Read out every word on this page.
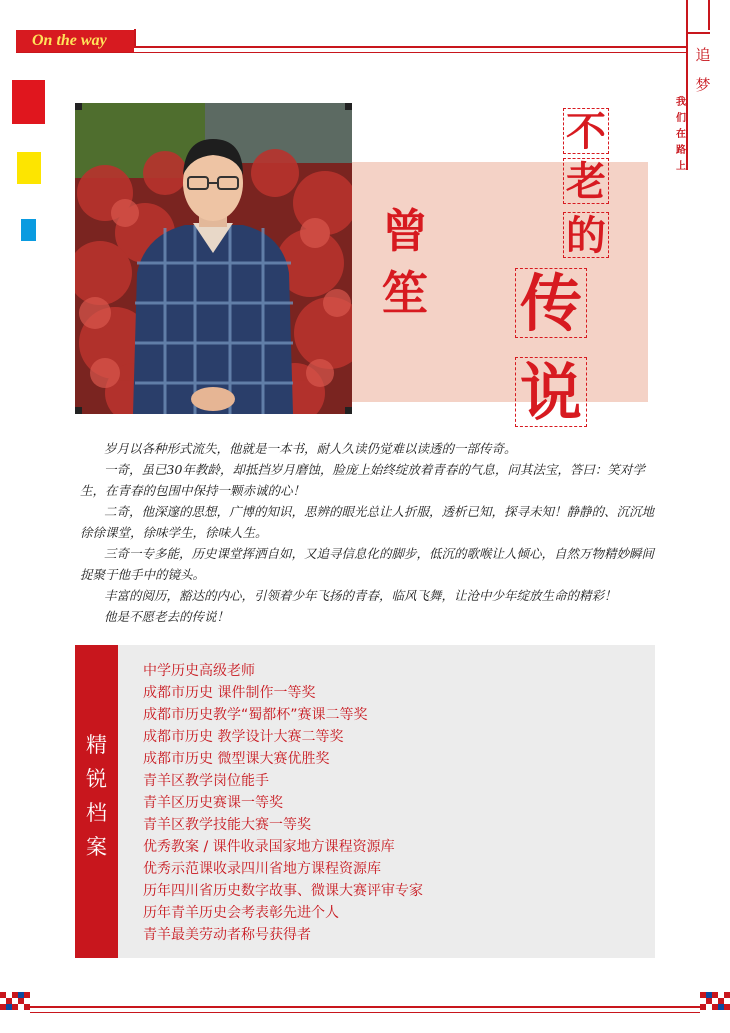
On the way
追梦
我们在路上
曾笙
不
老
的
传
说

岁月以各种形式流失，他就是一本书，耐人久读仍觉难以读透的一部传奇。

一奇，虽已30年教龄，却抵挡岁月磨蚀，脸庞上始终绽放着青春的气息，问其法宝，答曰：笑对学生，在青春的包围中保持一颗赤诚的心！

二奇，他深邃的思想，广博的知识，思辨的眼光总让人折服，透析已知，探寻未知！静静的、沉沉地徐徐课堂，徐味学生，徐味人生。

三奇一专多能，历史课堂挥洒自如，又追寻信息化的脚步，低沉的歌喉让人倾心，自然万物精妙瞬间捉聚于他手中的镜头。

丰富的阅历，豁达的内心，引领着少年飞扬的青春，临风飞舞，让沧中少年绽放生命的精彩！

他是不愿老去的传说！

精锐档案
中学历史高级老师
成都市历史 课件制作一等奖
成都市历史教学“蜀都杯”赛课二等奖
成都市历史 教学设计大赛二等奖
成都市历史 微型课大赛优胜奖
青羊区教学岗位能手
青羊区历史赛课一等奖
青羊区教学技能大赛一等奖
优秀教案 / 课件收录国家地方课程资源库
优秀示范课收录四川省地方课程资源库
历年四川省历史数字故事、微课大赛评审专家
历年青羊历史会考表彰先进个人
青羊最美劳动者称号获得者
